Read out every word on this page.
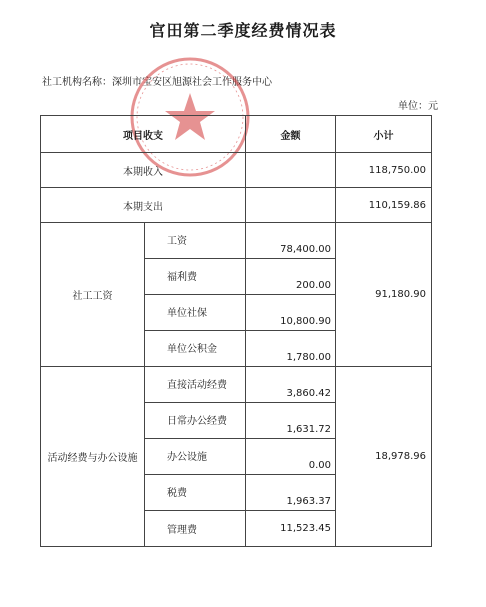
官田第二季度经费情况表
社工机构名称：深圳市宝安区旭源社会工作服务中心
单位：元
项目收支		金额	小计
本期收入			118,750.00
本期支出			110,159.86
社工工资	工资	78,400.00	91,180.90
	福利费	200.00	
	单位社保	10,800.90	
	单位公积金	1,780.00	
活动经费与办公设施	直接活动经费	3,860.42	18,978.96
	日常办公经费	1,631.72	
	办公设施	0.00	
	税费	1,963.37	
	管理费	11,523.45	
